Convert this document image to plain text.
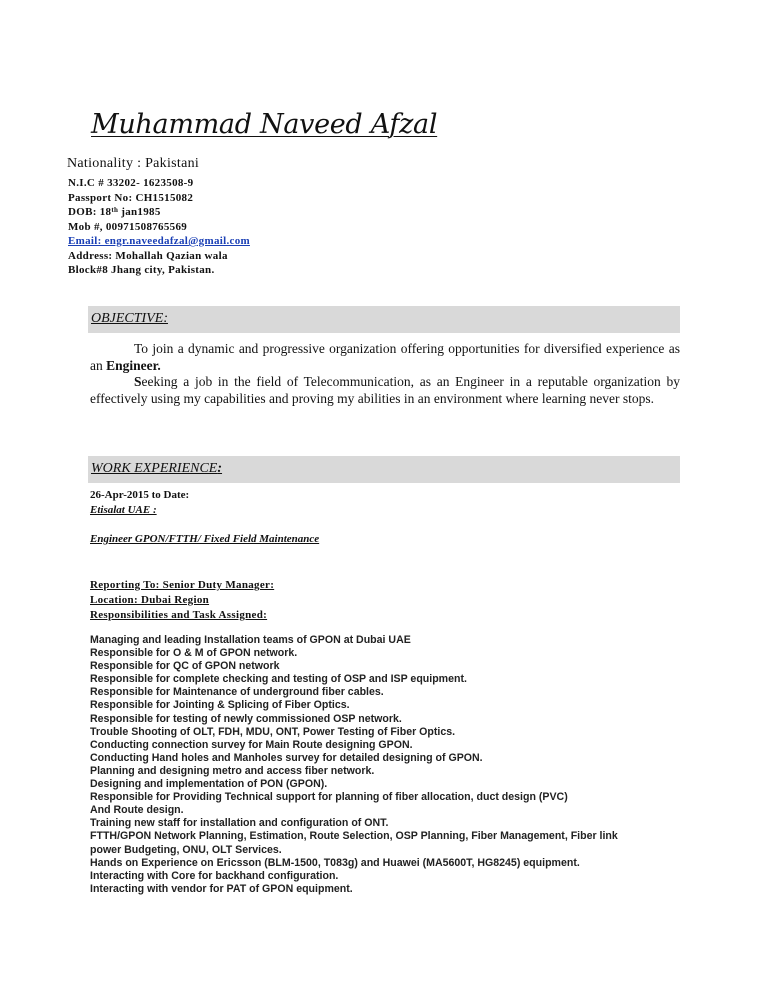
Muhammad Naveed Afzal
Nationality : Pakistani
N.I.C # 33202- 1623508-9
Passport No: CH1515082
DOB: 18th jan1985
Mob #, 00971508765569
Email: engr.naveedafzal@gmail.com
Address: Mohallah Qazian wala
Block#8 Jhang city, Pakistan.
OBJECTIVE:

To join a dynamic and progressive organization offering opportunities for diversified experience as an Engineer.

Seeking a job in the field of Telecommunication, as an Engineer in a reputable organization by effectively using my capabilities and proving my abilities in an environment where learning never stops.

WORK EXPERIENCE:
26-Apr-2015 to Date:
Etisalat UAE :
Engineer GPON/FTTH/ Fixed Field Maintenance
Reporting To: Senior Duty Manager:
Location: Dubai Region
Responsibilities and Task Assigned:
Managing and leading Installation teams of GPON at Dubai UAE
Responsible for O & M of GPON network.
Responsible for QC of GPON network
Responsible for complete checking and testing of OSP and ISP equipment.
Responsible for Maintenance of underground fiber cables.
Responsible for Jointing & Splicing of Fiber Optics.
Responsible for testing of newly commissioned OSP network.
Trouble Shooting of OLT, FDH, MDU, ONT, Power Testing of Fiber Optics.
Conducting connection survey for Main Route designing GPON.
Conducting Hand holes and Manholes survey for detailed designing of GPON.
Planning and designing metro and access fiber network.
Designing and implementation of PON (GPON).
Responsible for Providing Technical support for planning of fiber allocation, duct design (PVC)
And Route design.
Training new staff for installation and configuration of ONT.
FTTH/GPON Network Planning, Estimation, Route Selection, OSP Planning, Fiber Management, Fiber link
power Budgeting, ONU, OLT Services.
Hands on Experience on Ericsson (BLM-1500, T083g) and Huawei (MA5600T, HG8245) equipment.
Interacting with Core for backhand configuration.
Interacting with vendor for PAT of GPON equipment.
